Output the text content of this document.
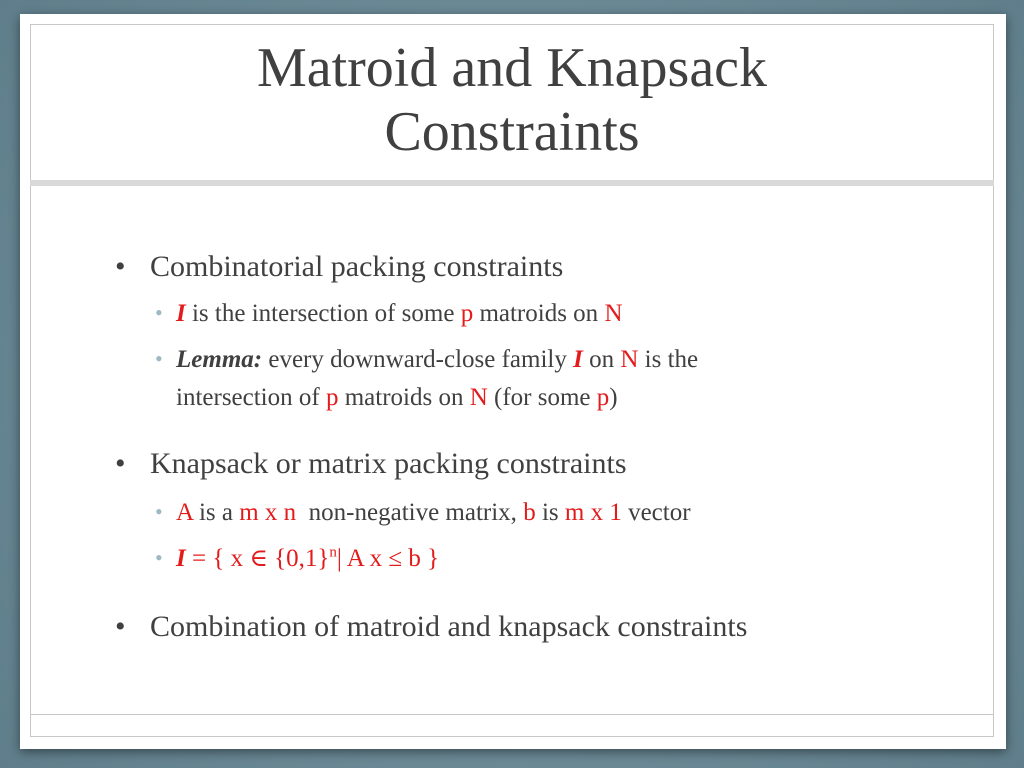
Matroid and Knapsack
Constraints
• Combinatorial packing constraints
• I is the intersection of some p matroids on N
• Lemma: every downward-close family I on N is the
intersection of p matroids on N (for some p)
• Knapsack or matrix packing constraints
• A is a m x n  non-negative matrix, b is m x 1 vector
• I = { x ∈ $\{0,1\}^n|$ A x ≤ b }
• Combination of matroid and knapsack constraints
